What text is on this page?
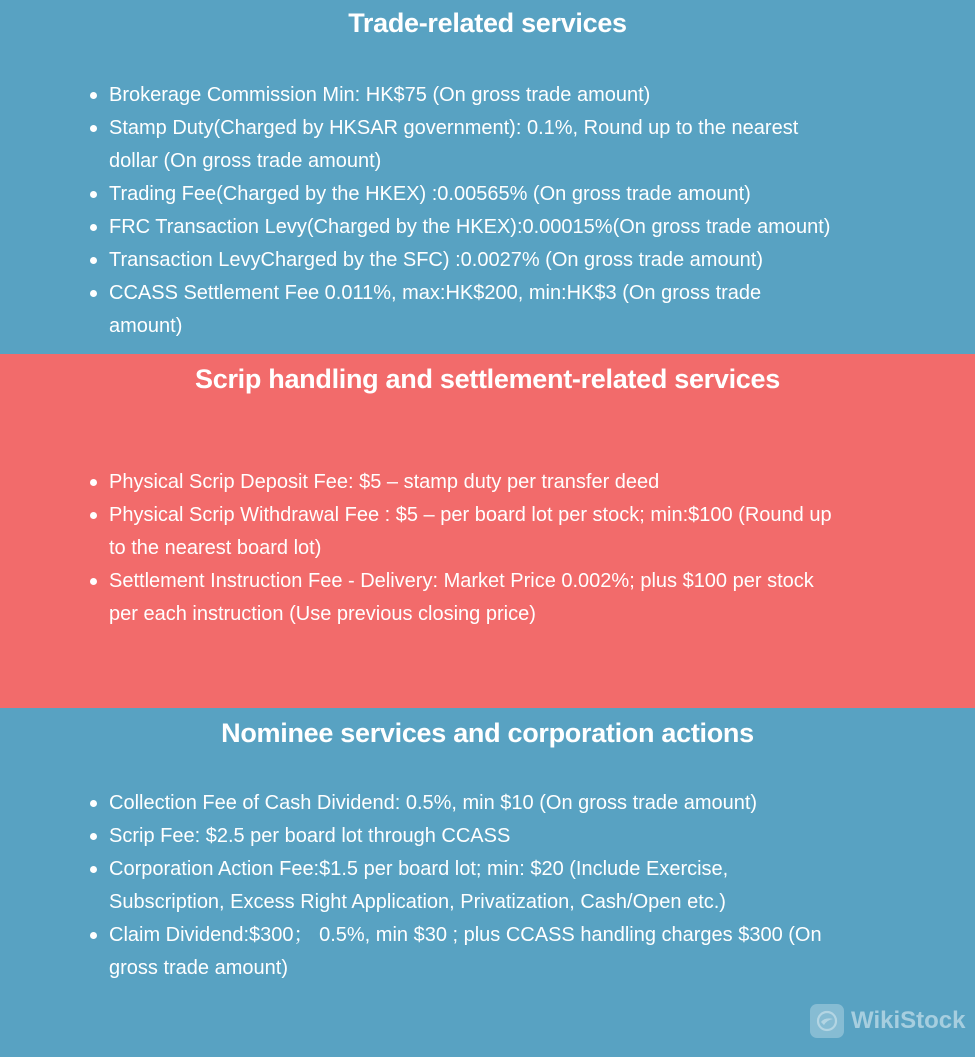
Trade-related services
Brokerage Commission Min: HK$75 (On gross trade amount)
Stamp Duty(Charged by HKSAR government): 0.1%, Round up to the nearest dollar (On gross trade amount)
Trading Fee(Charged by the HKEX) :0.00565% (On gross trade amount)
FRC Transaction Levy(Charged by the HKEX):0.00015%(On gross trade amount)
Transaction LevyCharged by the SFC) :0.0027% (On gross trade amount)
CCASS Settlement Fee 0.011%, max:HK$200, min:HK$3 (On gross trade amount)
Scrip handling and settlement-related services
Physical Scrip Deposit Fee: $5 – stamp duty per transfer deed
Physical Scrip Withdrawal Fee : $5 – per board lot per stock; min:$100 (Round up to the nearest board lot)
Settlement Instruction Fee - Delivery: Market Price 0.002%; plus $100 per stock per each instruction (Use previous closing price)
Nominee services and corporation actions
Collection Fee of Cash Dividend: 0.5%, min $10 (On gross trade amount)
Scrip Fee: $2.5 per board lot through CCASS
Corporation Action Fee:$1.5 per board lot; min: $20 (Include Exercise, Subscription, Excess Right Application, Privatization, Cash/Open etc.)
Claim Dividend:$300； 0.5%, min $30 ; plus CCASS handling charges $300 (On gross trade amount)
WikiStock
